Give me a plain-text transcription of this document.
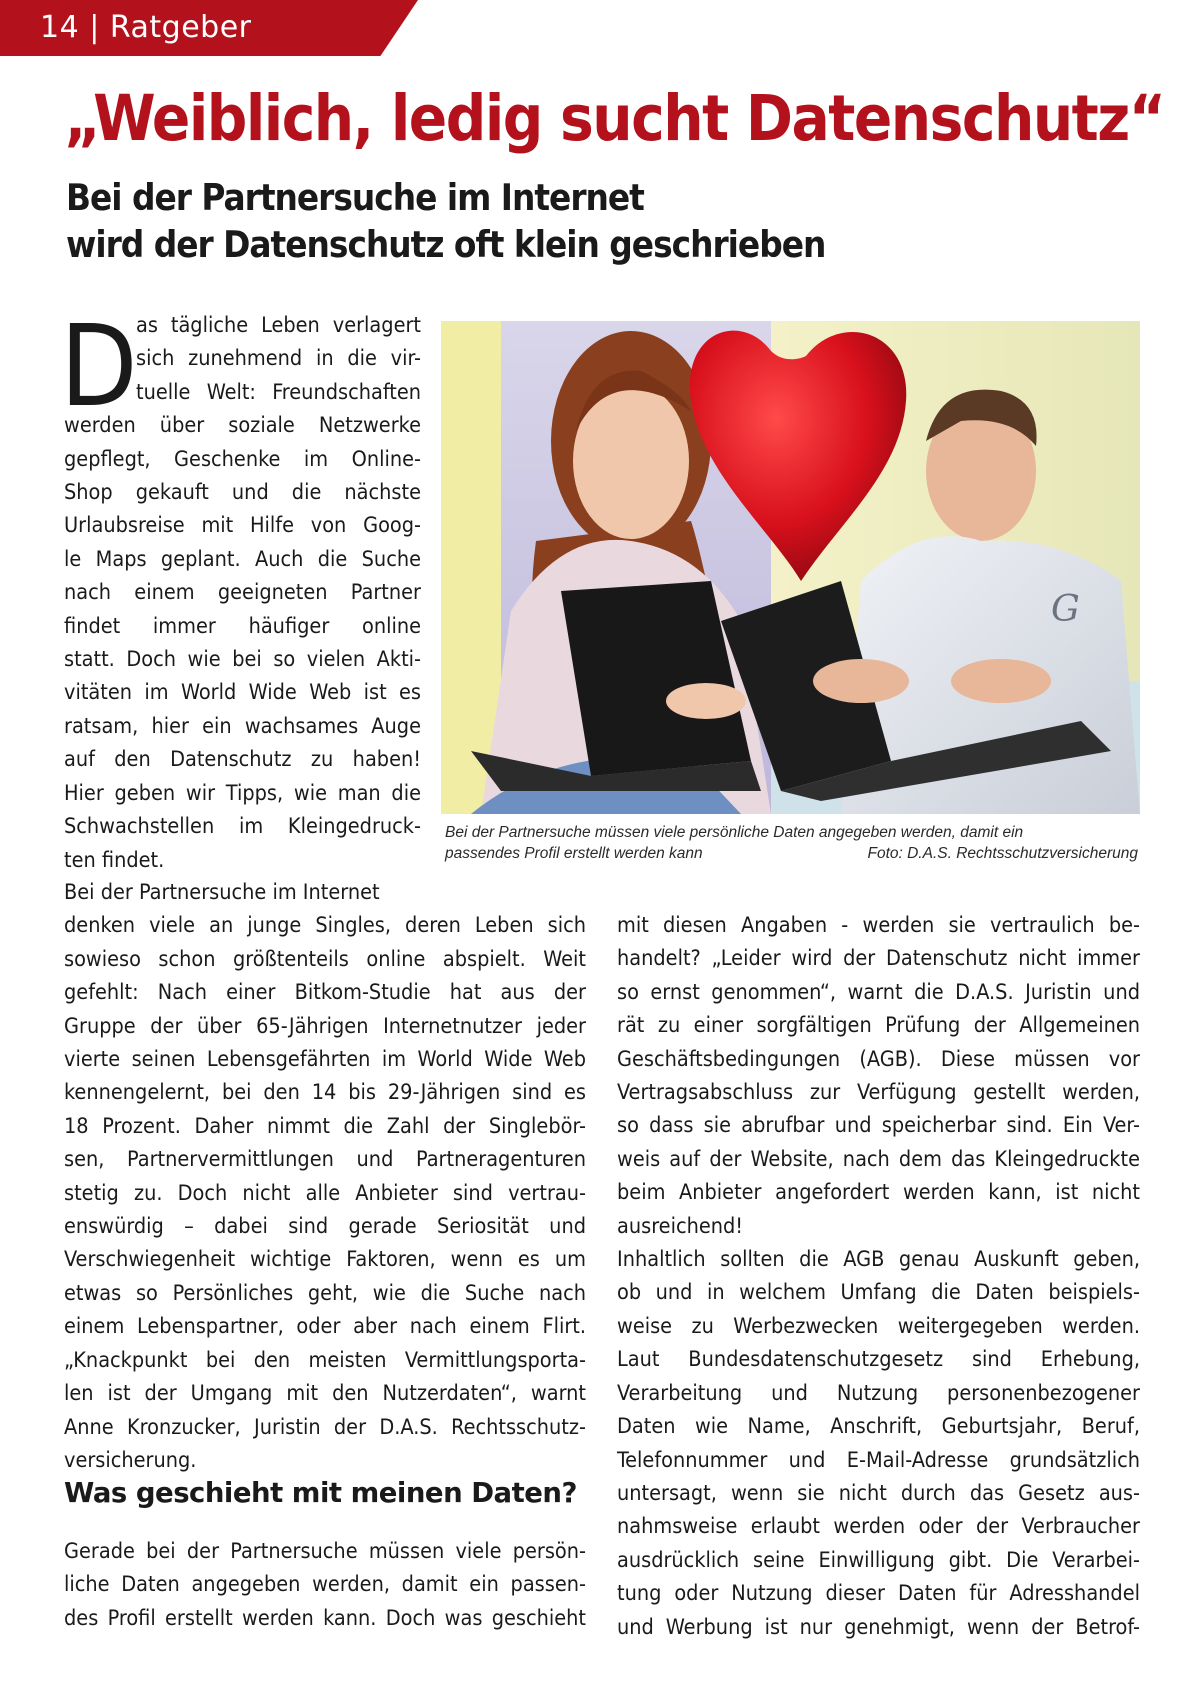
14 | Ratgeber
„Weiblich, ledig sucht Datenschutz“
Bei der Partnersuche im Internet
wird der Datenschutz oft klein geschrieben
G
Bei der Partnersuche müssen viele persönliche Daten angegeben werden, damit ein
passendes Profil erstellt werden kann	Foto: D.A.S. Rechtsschutzversicherung
D
as tägliche Leben verlagert
sich zunehmend in die vir-
tuelle Welt: Freundschaften
werden über soziale Netzwerke
gepflegt, Geschenke im Online-
Shop gekauft und die nächste
Urlaubsreise mit Hilfe von Goog-
le Maps geplant. Auch die Suche
nach einem geeigneten Partner
findet immer häufiger online
statt. Doch wie bei so vielen Akti-
vitäten im World Wide Web ist es
ratsam, hier ein wachsames Auge
auf den Datenschutz zu haben!
Hier geben wir Tipps, wie man die
Schwachstellen im Kleingedruck-
ten findet.
Bei der Partnersuche im Internet
denken viele an junge Singles, deren Leben sich
sowieso schon größtenteils online abspielt. Weit
gefehlt: Nach einer Bitkom-Studie hat aus der
Gruppe der über 65-Jährigen Internetnutzer jeder
vierte seinen Lebensgefährten im World Wide Web
kennengelernt, bei den 14 bis 29-Jährigen sind es
18 Prozent. Daher nimmt die Zahl der Singlebör-
sen, Partnervermittlungen und Partneragenturen
stetig zu. Doch nicht alle Anbieter sind vertrau-
enswürdig – dabei sind gerade Seriosität und
Verschwiegenheit wichtige Faktoren, wenn es um
etwas so Persönliches geht, wie die Suche nach
einem Lebenspartner, oder aber nach einem Flirt.
„Knackpunkt bei den meisten Vermittlungsporta-
len ist der Umgang mit den Nutzerdaten“, warnt
Anne Kronzucker, Juristin der D.A.S. Rechtsschutz-
versicherung.
Was geschieht mit meinen Daten?
Gerade bei der Partnersuche müssen viele persön-
liche Daten angegeben werden, damit ein passen-
des Profil erstellt werden kann. Doch was geschieht
mit diesen Angaben - werden sie vertraulich be-
handelt? „Leider wird der Datenschutz nicht immer
so ernst genommen“, warnt die D.A.S. Juristin und
rät zu einer sorgfältigen Prüfung der Allgemeinen
Geschäftsbedingungen (AGB). Diese müssen vor
Vertragsabschluss zur Verfügung gestellt werden,
so dass sie abrufbar und speicherbar sind. Ein Ver-
weis auf der Website, nach dem das Kleingedruckte
beim Anbieter angefordert werden kann, ist nicht
ausreichend!
Inhaltlich sollten die AGB genau Auskunft geben,
ob und in welchem Umfang die Daten beispiels-
weise zu Werbezwecken weitergegeben werden.
Laut Bundesdatenschutzgesetz sind Erhebung,
Verarbeitung und Nutzung personenbezogener
Daten wie Name, Anschrift, Geburtsjahr, Beruf,
Telefonnummer und E-Mail-Adresse grundsätzlich
untersagt, wenn sie nicht durch das Gesetz aus-
nahmsweise erlaubt werden oder der Verbraucher
ausdrücklich seine Einwilligung gibt. Die Verarbei-
tung oder Nutzung dieser Daten für Adresshandel
und Werbung ist nur genehmigt, wenn der Betrof-
